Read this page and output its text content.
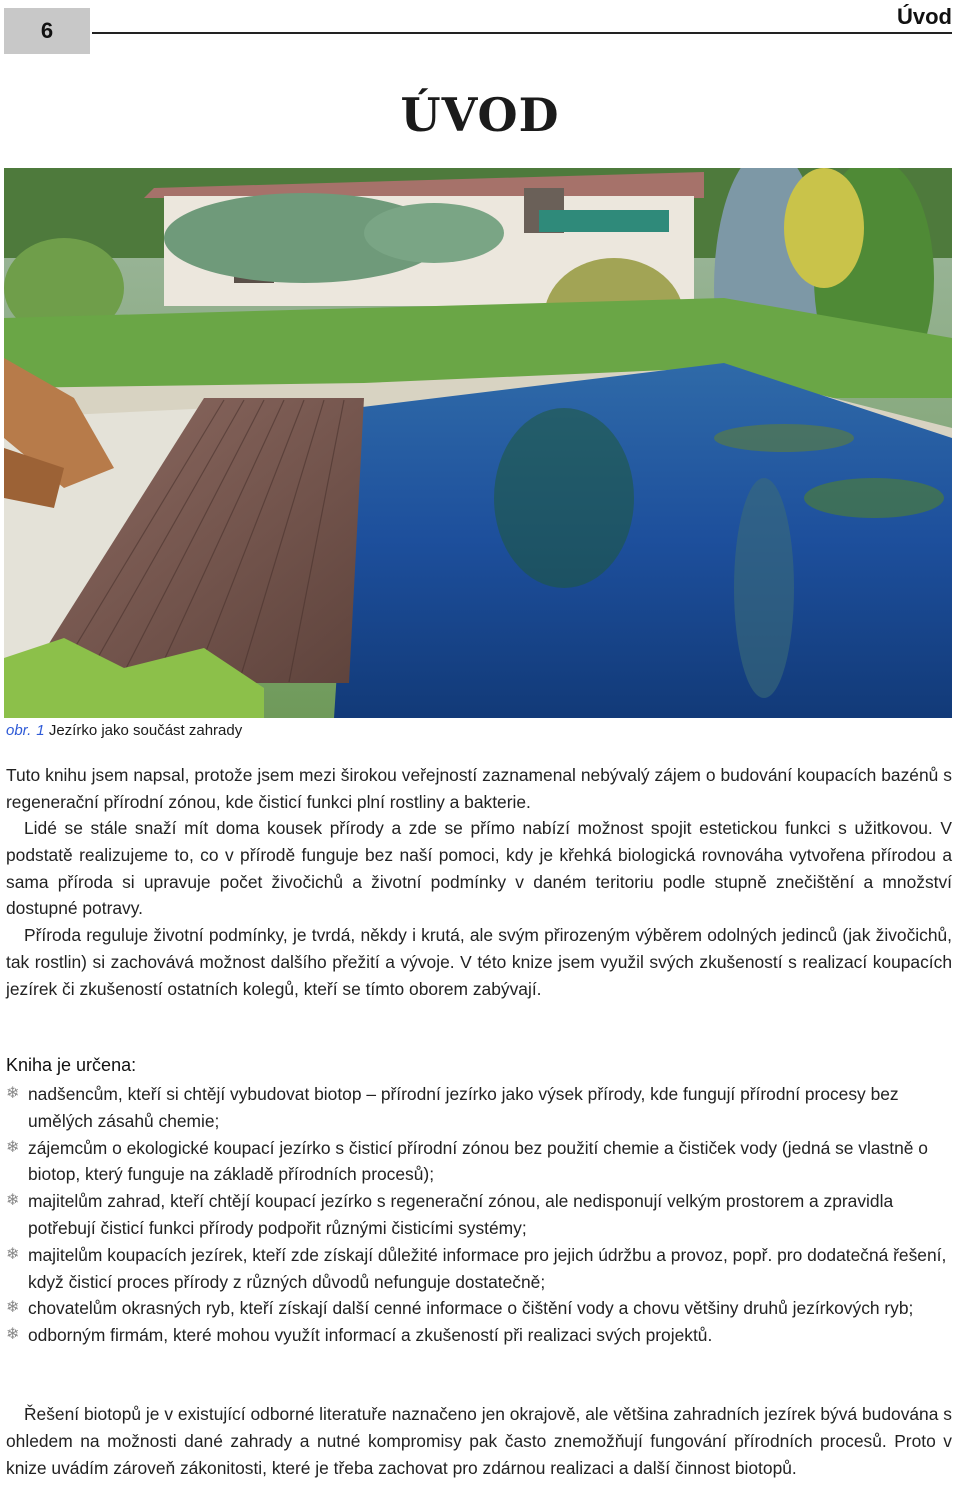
6
Úvod
ÚVOD
obr. 1 Jezírko jako součást zahrady

Tuto knihu jsem napsal, protože jsem mezi širokou veřejností zaznamenal nebývalý zájem o budování koupacích bazénů s regenerační přírodní zónou, kde čisticí funkci plní rostliny a bakterie.

Lidé se stále snaží mít doma kousek přírody a zde se přímo nabízí možnost spojit estetickou funkci s užitkovou. V podstatě realizujeme to, co v přírodě funguje bez naší pomoci, kdy je křehká biologická rovnováha vytvořena přírodou a sama příroda si upravuje počet živočichů a životní podmínky v daném teritoriu podle stupně znečištění a množství dostupné potravy.

Příroda reguluje životní podmínky, je tvrdá, někdy i krutá, ale svým přirozeným výběrem odolných jedinců (jak živočichů, tak rostlin) si zachovává možnost dalšího přežití a vývoje. V této knize jsem využil svých zkušeností s realizací koupacích jezírek či zkušeností ostatních kolegů, kteří se tímto oborem zabývají.

Kniha je určena:
❄ nadšencům, kteří si chtějí vybudovat biotop – přírodní jezírko jako výsek přírody, kde fungují přírodní procesy bez umělých zásahů chemie;
❄ zájemcům o ekologické koupací jezírko s čisticí přírodní zónou bez použití chemie a čističek vody (jedná se vlastně o biotop, který funguje na základě přírodních procesů);
❄ majitelům zahrad, kteří chtějí koupací jezírko s regenerační zónou, ale nedisponují velkým prostorem a zpravidla potřebují čisticí funkci přírody podpořit různými čisticími systémy;
❄ majitelům koupacích jezírek, kteří zde získají důležité informace pro jejich údržbu a provoz, popř. pro dodatečná řešení, když čisticí proces přírody z různých důvodů nefunguje dostatečně;
❄ chovatelům okrasných ryb, kteří získají další cenné informace o čištění vody a chovu většiny druhů jezírkových ryb;
❄ odborným firmám, které mohou využít informací a zkušeností při realizaci svých projektů.

Řešení biotopů je v existující odborné literatuře naznačeno jen okrajově, ale většina zahradních jezírek bývá budována s ohledem na možnosti dané zahrady a nutné kompromisy pak často znemožňují fungování přírodních procesů. Proto v knize uvádím zároveň zákonitosti, které je třeba zachovat pro zdárnou realizaci a další činnost biotopů.
